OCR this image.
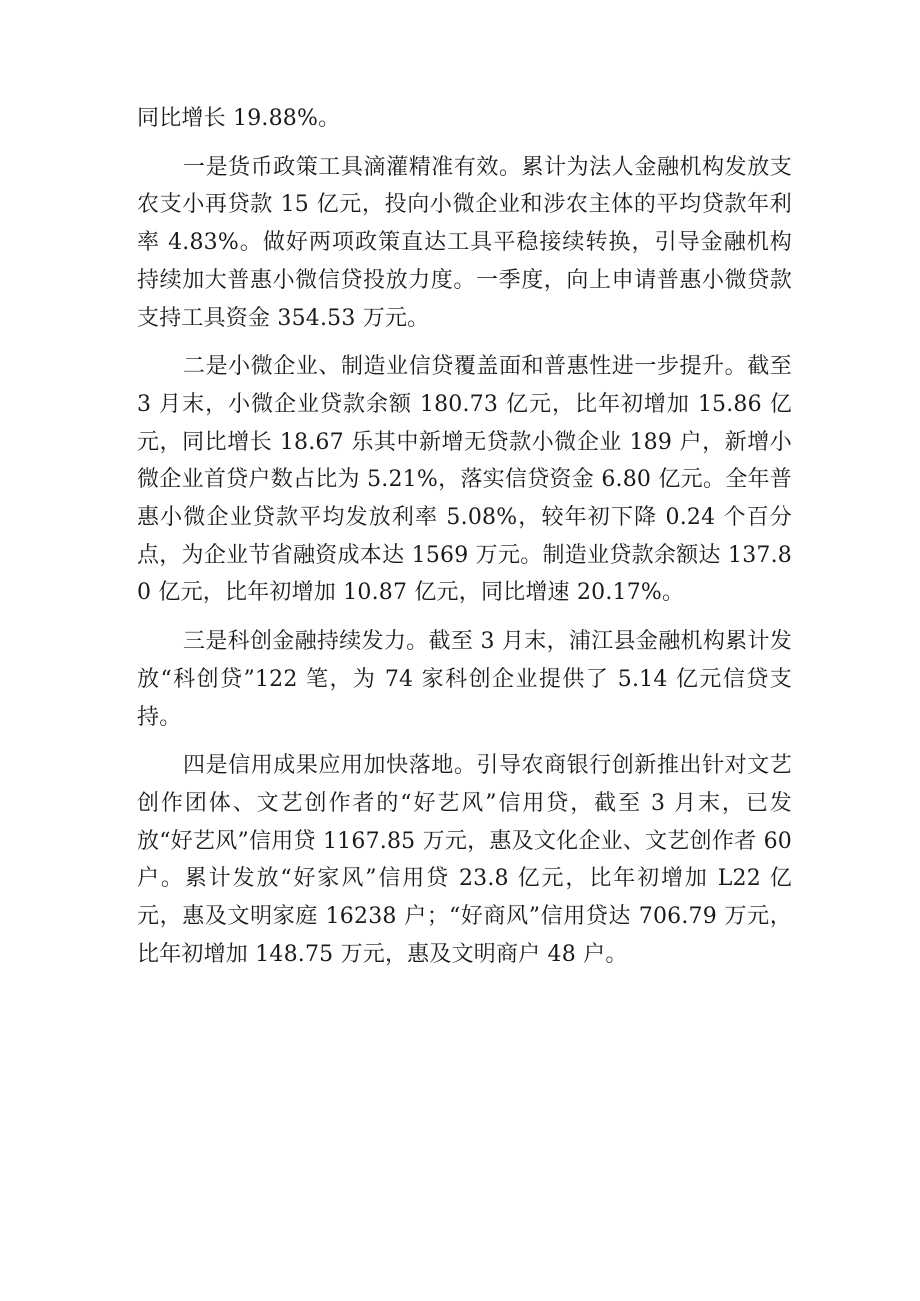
同比增长 19.88%。

一是货币政策工具滴灌精准有效。累计为法人金融机构发放支农支小再贷款 15 亿元，投向小微企业和涉农主体的平均贷款年利率 4.83%。做好两项政策直达工具平稳接续转换，引导金融机构持续加大普惠小微信贷投放力度。一季度，向上申请普惠小微贷款支持工具资金 354.53 万元。

二是小微企业、制造业信贷覆盖面和普惠性进一步提升。截至 3 月末，小微企业贷款余额 180.73 亿元，比年初增加 15.86 亿元，同比增长 18.67 乐其中新增无贷款小微企业 189 户，新增小微企业首贷户数占比为 5.21%，落实信贷资金 6.80 亿元。全年普惠小微企业贷款平均发放利率 5.08%，较年初下降 0.24 个百分点，为企业节省融资成本达 1569 万元。制造业贷款余额达 137.80 亿元，比年初增加 10.87 亿元，同比增速 20.17%。

三是科创金融持续发力。截至 3 月末，浦江县金融机构累计发放“科创贷”122 笔，为 74 家科创企业提供了 5.14 亿元信贷支持。

四是信用成果应用加快落地。引导农商银行创新推出针对文艺创作团体、文艺创作者的“好艺风”信用贷，截至 3 月末，已发放“好艺风”信用贷 1167.85 万元，惠及文化企业、文艺创作者 60 户。累计发放“好家风”信用贷 23.8 亿元，比年初增加 L22 亿元，惠及文明家庭 16238 户；“好商风”信用贷达 706.79 万元，比年初增加 148.75 万元，惠及文明商户 48 户。
